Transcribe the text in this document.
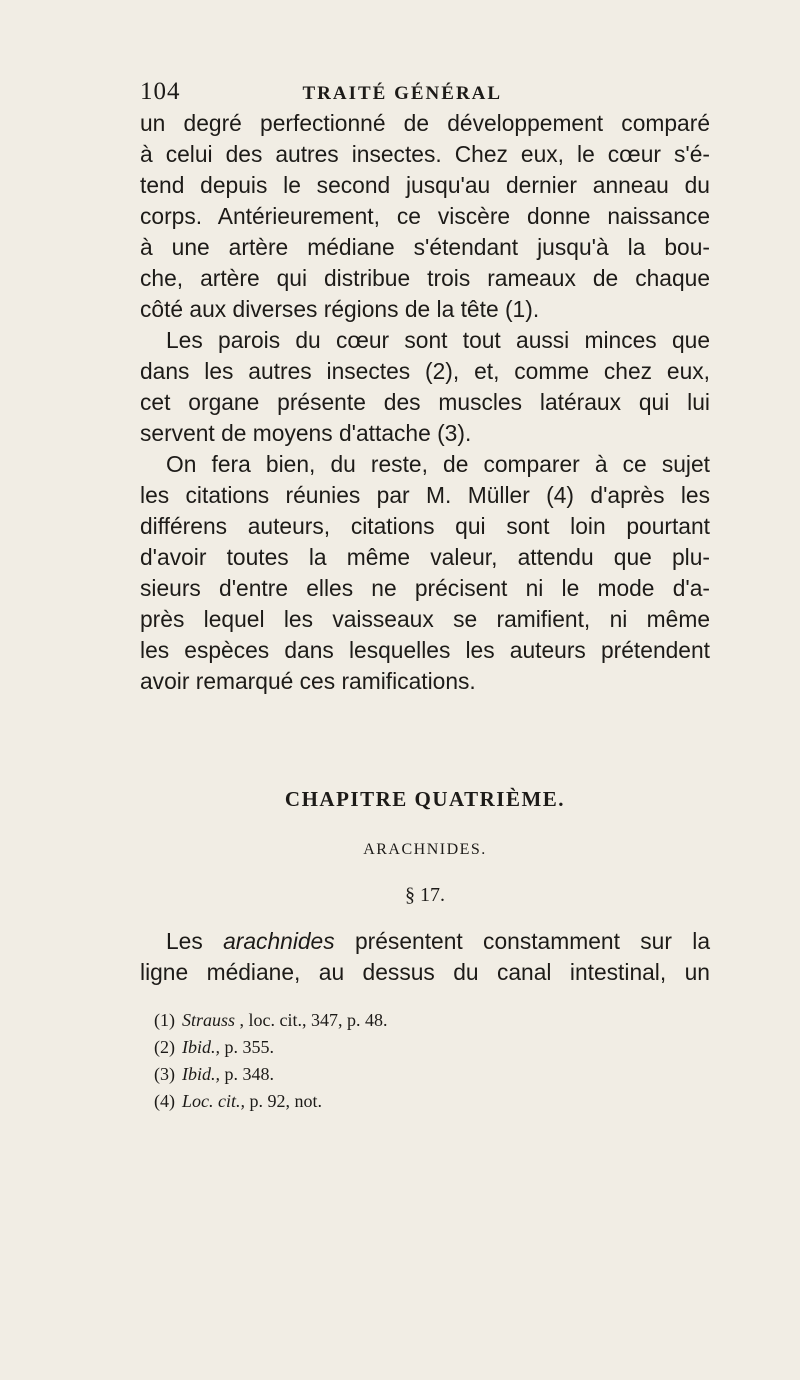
104	TRAITÉ GÉNÉRAL
un degré perfectionné de développement comparé
à celui des autres insectes. Chez eux, le cœur s'é-
tend depuis le second jusqu'au dernier anneau du
corps. Antérieurement, ce viscère donne naissance
à une artère médiane s'étendant jusqu'à la bou-
che, artère qui distribue trois rameaux de chaque
côté aux diverses régions de la tête (1).
Les parois du cœur sont tout aussi minces que
dans les autres insectes (2), et, comme chez eux,
cet organe présente des muscles latéraux qui lui
servent de moyens d'attache (3).
On fera bien, du reste, de comparer à ce sujet
les citations réunies par M. Müller (4) d'après les
différens auteurs, citations qui sont loin pourtant
d'avoir toutes la même valeur, attendu que plu-
sieurs d'entre elles ne précisent ni le mode d'a-
près lequel les vaisseaux se ramifient, ni même
les espèces dans lesquelles les auteurs prétendent
avoir remarqué ces ramifications.
CHAPITRE QUATRIÈME.
ARACHNIDES.
§ 17.
Les arachnides présentent constamment sur la
ligne médiane, au dessus du canal intestinal, un
(1) Strauss , loc. cit., 347, p. 48.
(2) Ibid., p. 355.
(3) Ibid., p. 348.
(4) Loc. cit., p. 92, not.
